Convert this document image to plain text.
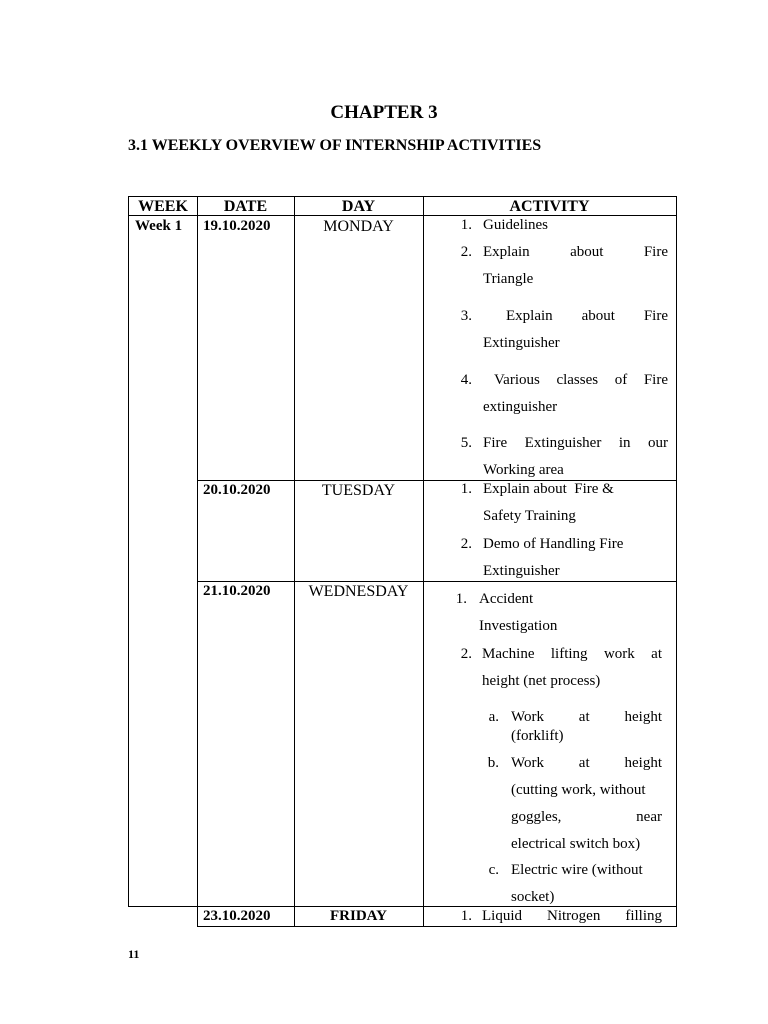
CHAPTER 3
3.1 WEEKLY OVERVIEW OF INTERNSHIP ACTIVITIES
WEEK	DATE	DAY	ACTIVITY
Week 1 19.10.2020	MONDAY	1. Guidelines
2. Explain about Fire
Triangle
3. Explain about Fire
Extinguisher
4. Various classes of Fire
extinguisher
5. Fire Extinguisher in our
Working area
20.10.2020	TUESDAY	1. Explain about  Fire &
Safety Training
2. Demo of Handling Fire
Extinguisher
21.10.2020	WEDNESDAY	1. Accident
Investigation
2. Machine lifting work at
height (net process)
a. Work at height
(forklift)
b. Work at height
(cutting work, without
goggles, near
electrical switch box)
c. Electric wire (without
socket)
23.10.2020	FRIDAY	1. Liquid Nitrogen filling
11
